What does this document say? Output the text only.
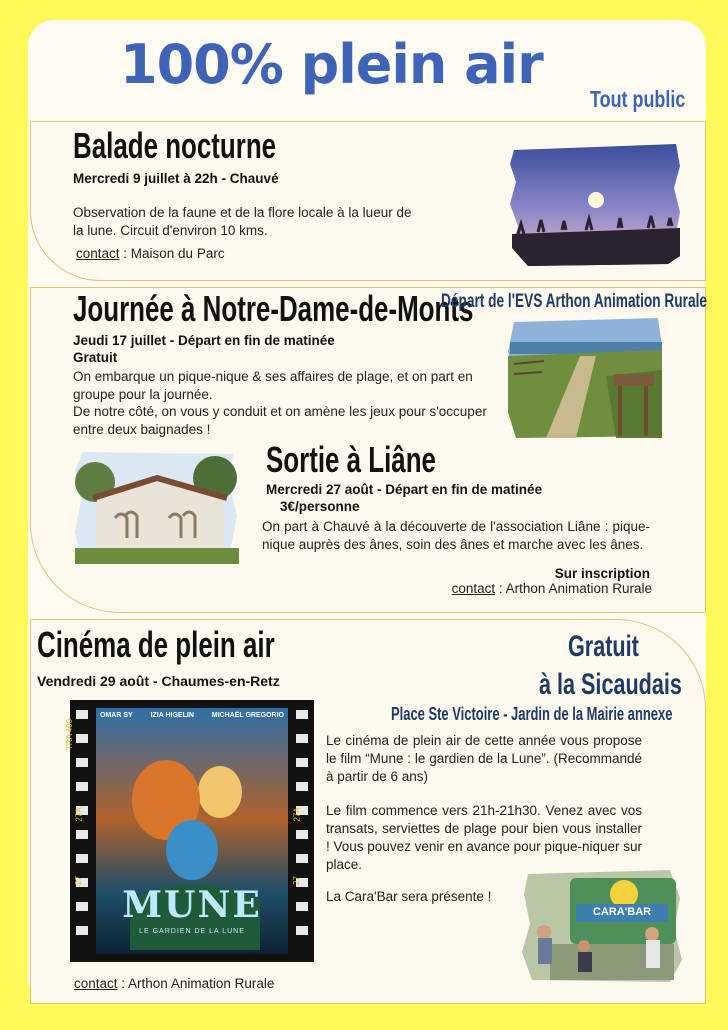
100% plein air
Tout public
Balade nocturne
Mercredi 9 juillet à 22h - Chauvé
Observation de la faune et de la flore locale à la lueur de la lune. Circuit d'environ 10 kms.
contact : Maison du Parc
Journée à Notre-Dame-de-Monts
Départ de l'EVS Arthon Animation Rurale
Jeudi 17 juillet - Départ en fin de matinée
Gratuit
On embarque un pique-nique & ses affaires de plage, et on part en groupe pour la journée.
De notre côté, on vous y conduit et on amène les jeux pour s'occuper entre deux baignades !
Sortie à Liâne
Mercredi 27 août - Départ en fin de matinée
3€/personne
On part à Chauvé à la découverte de l'association Liâne : pique-nique auprès des ânes, soin des ânes et marche avec les ânes.
Sur inscription
contact : Arthon Animation Rurale
Cinéma de plein air
Vendredi 29 août - Chaumes-en-Retz
Gratuit
à la Sicaudais
Place Ste Victoire - Jardin de la Mairie annexe
Le cinéma de plein air de cette année vous propose le film “Mune : le gardien de la Lune”. (Recommandé à partir de 6 ans)
Le film commence vers 21h-21h30. Venez avec vos transats, serviettes de plage pour bien vous installer ! Vous pouvez venir en avance pour pique-niquer sur place.
La Cara'Bar sera présente !
contact : Arthon Animation Rurale
OMAR SY	IZIA HIGELIN	MICHAËL GREGORIO
MUNE
LE GARDIEN DE LA LUNE
TRA 400
27A
27
27A
27
CARA'BAR
